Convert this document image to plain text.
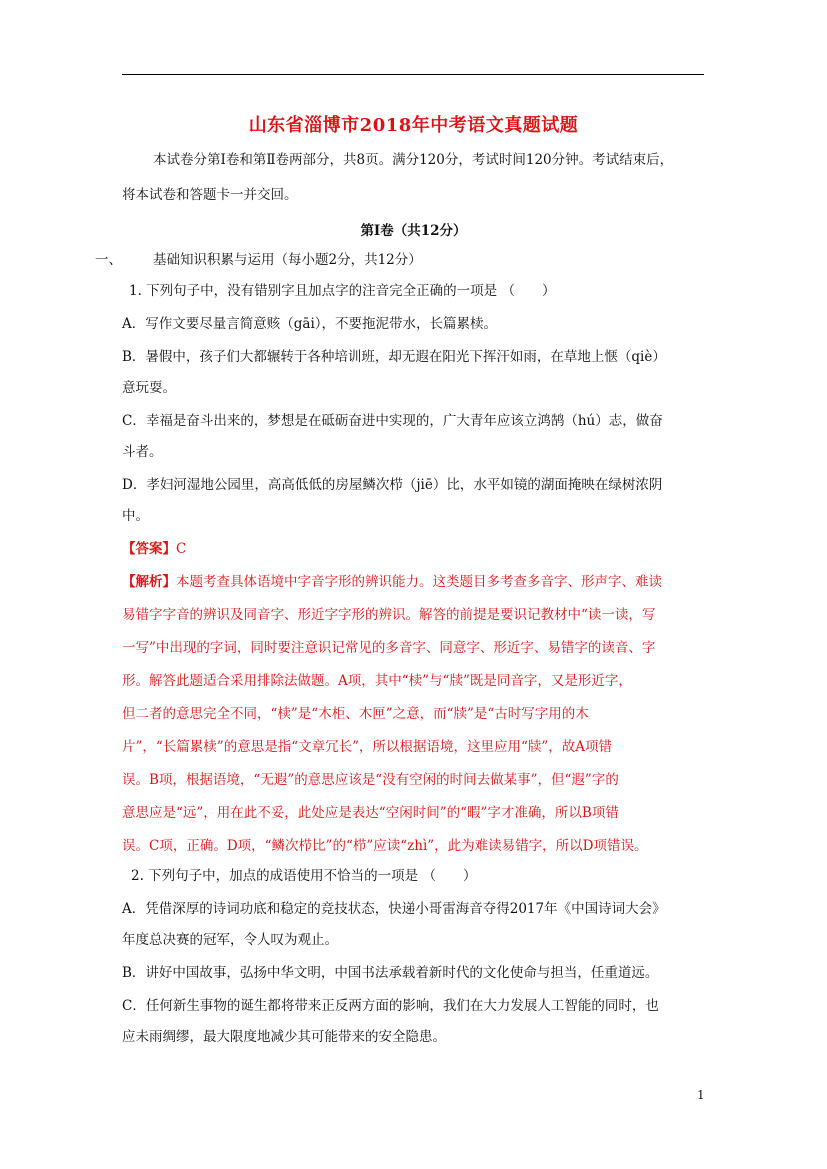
山东省淄博市2018年中考语文真题试题
本试卷分第Ⅰ卷和第Ⅱ卷两部分，共8页。满分120分，考试时间120分钟。考试结束后，
将本试卷和答题卡一并交回。
第Ⅰ卷（共12分）
一、 基础知识积累与运用（每小题2分，共12分）
1. 下列句子中，没有错别字且加点字的注音完全正确的一项是 （　　）
A．写作文要尽量言简意赅（gāi），不要拖泥带水，长篇累椟。
B．暑假中，孩子们大都辗转于各种培训班，却无遐在阳光下挥汗如雨，在草地上惬（qiè）
意玩耍。
C．幸福是奋斗出来的，梦想是在砥砺奋进中实现的，广大青年应该立鸿鹄（hú）志，做奋
斗者。
D．孝妇河湿地公园里，高高低低的房屋鳞次栉（jiē）比，水平如镜的湖面掩映在绿树浓阴
中。
【答案】C
【解析】本题考查具体语境中字音字形的辨识能力。这类题目多考查多音字、形声字、难读
易错字字音的辨识及同音字、形近字字形的辨识。解答的前提是要识记教材中“读一读，写
一写”中出现的字词，同时要注意识记常见的多音字、同意字、形近字、易错字的读音、字
形。解答此题适合采用排除法做题。A项，其中“椟”与“牍”既是同音字，又是形近字，
但二者的意思完全不同，“椟”是“木柜、木匣”之意，而“牍”是“古时写字用的木
片”，“长篇累椟”的意思是指“文章冗长”，所以根据语境，这里应用“牍”，故A项错
误。B项，根据语境，“无遐”的意思应该是“没有空闲的时间去做某事”，但“遐”字的
意思应是“远”，用在此不妥，此处应是表达“空闲时间”的“暇”字才准确，所以B项错
误。C项，正确。D项，“鳞次栉比”的“栉”应读“zhì”，此为难读易错字，所以D项错误。
2. 下列句子中，加点的成语使用不恰当的一项是 （　　）
A．凭借深厚的诗词功底和稳定的竞技状态，快递小哥雷海音夺得2017年《中国诗词大会》
年度总决赛的冠军，令人叹为观止。
B．讲好中国故事，弘扬中华文明，中国书法承载着新时代的文化使命与担当，任重道远。
C．任何新生事物的诞生都将带来正反两方面的影响，我们在大力发展人工智能的同时，也
应未雨绸缪，最大限度地减少其可能带来的安全隐患。
1
